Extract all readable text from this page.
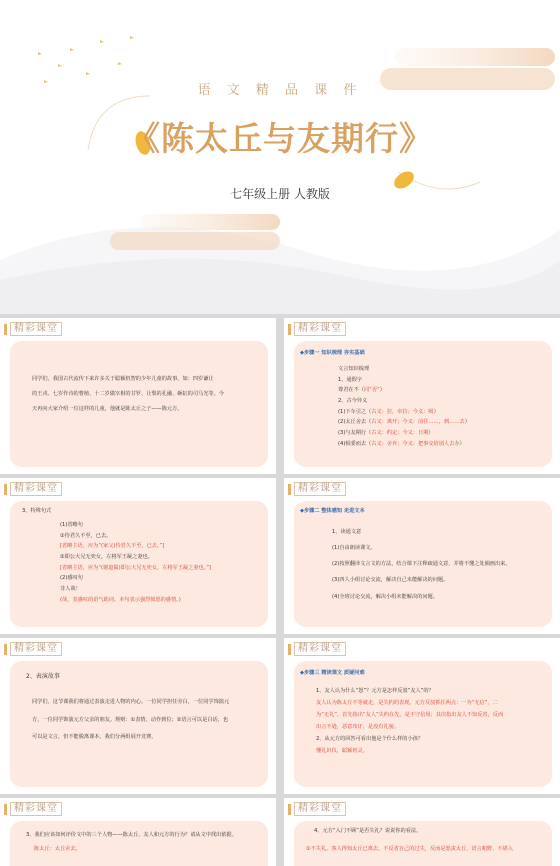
语 文 精 品 课 件
《陈太丘与友期行》
七年级上册 人教版
精彩课堂
同学们，我国古代流传下来许多关于聪颖机智的少年儿童的故事，如：四岁谦让
的王戎、七岁作诗的曹植、十二岁做宰相的甘罗、让梨的孔融、砸缸的司马光等。今
天再向大家介绍一位这样的儿童，他就是陈太丘之子——陈元方。
精彩课堂
◆步骤一 知识梳理 夯实基础
文言知识梳理
1、通假字
尊君在不（同“否”）
2、古今异义
(1)下车引之（古义：拉，牵拉；今义：吸）
(2)太丘舍去（古义：离开；今义：前往……，到……去）
(3)与友期行（古义：约定；今义：日期）
(4)相委而去（古义：舍弃；今义：把事交给别人去办）
精彩课堂
3、特殊句式
(1)省略句
①待君久不至，已去。
[省略主语，应为“(家父)待君久不至，已去。”]
②即公大兄无奕女，左将军王凝之妻也。
[省略主语，应为“(谢道韫)即公大兄无奕女，左将军王凝之妻也。”]
(2)感叹句
非人哉！
(哉，表感叹的语气助词。本句表示强烈愤怒的感情。)
精彩课堂
◆步骤二 整体感知 走进文本
1、读通文意
(1)自由朗读课文。
(2)按照翻译文言文的方法，结合课下注释疏通文意，并将不懂之处圈画出来。
(3)四人小组讨论交流，解决自己未能解决的问题。
(4)全班讨论交流，解决小组未能解决的问题。
精彩课堂
2、表演故事
同学们，这节课我们将通过表演走进人物的内心。一位同学担任旁白，一位同学饰演元
方，一位同学饰演元方父亲的朋友。规则：①表情、动作到位；②语言可以是白话，也
可以是文言，但不能脱离课本。我们分两组展开竞赛。
精彩课堂
◆步骤三 精读课文 质疑问难
1、友人认为什么“怒”？元方是怎样反驳“友人”的？
友人认为陈太丘不等就走，是失约的表现。元方反驳抓住两点：一为“无信”，二
为“无礼”。首先指出“友人”失约在先，是不守信用；其次指出友人不知反省，反而
出言不逊，恶意攻讦，是没有礼貌。
2、从元方的回答可看出他是个什么样的小孩？
懂礼识仪，聪颖机灵。
精彩课堂
3、我们应该如何评价文中的三个人物——陈太丘、友人和元方的行为？请从文中找出依据。
陈太丘：太丘舍去。
精彩课堂
4、元方“入门不顾”是否失礼？说说你的看法。
①不失礼。客人得知太丘已离去，不反省自己的过失，反而是怒责太丘，语言粗野，不堪入
